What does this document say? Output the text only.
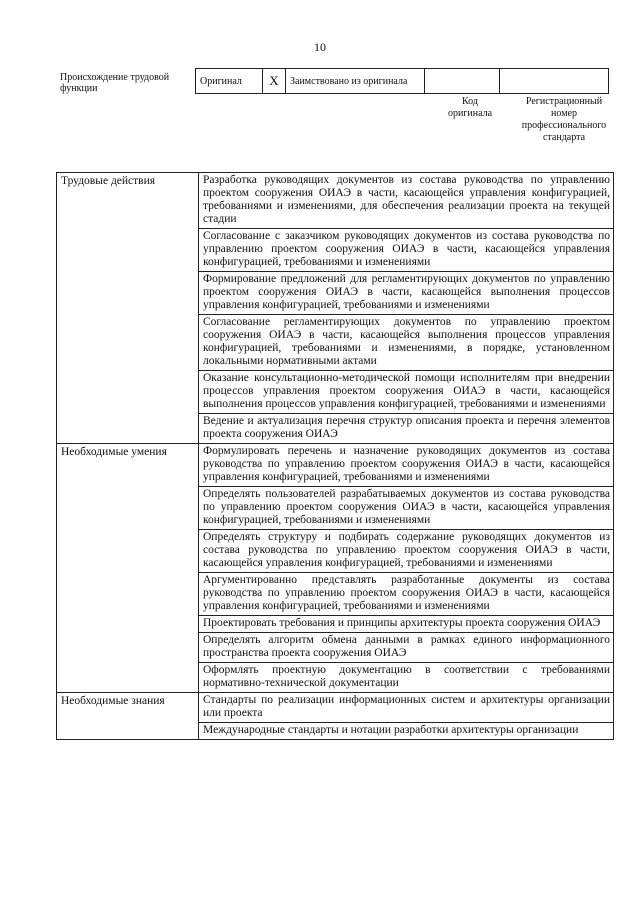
10
Происхождение трудовой функции
Оригинал	X	Заимствовано из оригинала		
Код оригинала
Регистрационный номер профессионального стандарта
Трудовые действия	Разработка руководящих документов из состава руководства по управлению проектом сооружения ОИАЭ в части, касающейся управления конфигурацией, требованиями и изменениями, для обеспечения реализации проекта на текущей стадии
	Согласование с заказчиком руководящих документов из состава руководства по управлению проектом сооружения ОИАЭ в части, касающейся управления конфигурацией, требованиями и изменениями
	Формирование предложений для регламентирующих документов по управлению проектом сооружения ОИАЭ в части, касающейся выполнения процессов управления конфигурацией, требованиями и изменениями
	Согласование регламентирующих документов по управлению проектом сооружения ОИАЭ в части, касающейся выполнения процессов управления конфигурацией, требованиями и изменениями, в порядке, установленном локальными нормативными актами
	Оказание консультационно-методической помощи исполнителям при внедрении процессов управления проектом сооружения ОИАЭ в части, касающейся выполнения процессов управления конфигурацией, требованиями и изменениями
	Ведение и актуализация перечня структур описания проекта и перечня элементов проекта сооружения ОИАЭ
Необходимые умения	Формулировать перечень и назначение руководящих документов из состава руководства по управлению проектом сооружения ОИАЭ в части, касающейся управления конфигурацией, требованиями и изменениями
	Определять пользователей разрабатываемых документов из состава руководства по управлению проектом сооружения ОИАЭ в части, касающейся управления конфигурацией, требованиями и изменениями
	Определять структуру и подбирать содержание руководящих документов из состава руководства по управлению проектом сооружения ОИАЭ в части, касающейся управления конфигурацией, требованиями и изменениями
	Аргументированно представлять разработанные документы из состава руководства по управлению проектом сооружения ОИАЭ в части, касающейся управления конфигурацией, требованиями и изменениями
	Проектировать требования и принципы архитектуры проекта сооружения ОИАЭ
	Определять алгоритм обмена данными в рамках единого информационного пространства проекта сооружения ОИАЭ
	Оформлять проектную документацию в соответствии с требованиями нормативно-технической документации
Необходимые знания	Стандарты по реализации информационных систем и архитектуры организации или проекта
	Международные стандарты и нотации разработки архитектуры организации
